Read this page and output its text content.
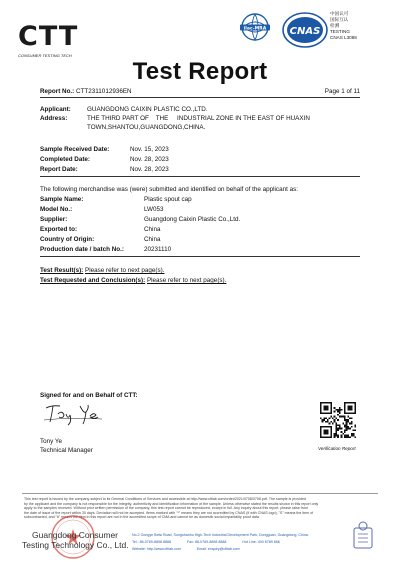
CTT
CONSUMER TESTING TECH
ilac-MRA CNAS
中国认可
国际互认
检测
TESTING
CNAS L3088
Test Report
Report No.: CTT2311012936EN	Page 1 of 11
Applicant:	GUANGDONG CAIXIN PLASTIC CO.,LTD.
Address:	THE THIRD PART OF    THE     INDUSTRIAL ZONE IN THE EAST OF HUAXIN
TOWN,SHANTOU,GUANGDONG,CHINA.
Sample Received Date:	Nov. 15, 2023
Completed Date:	Nov. 28, 2023
Report Date:	Nov. 28, 2023
The following merchandise was (were) submitted and identified on behalf of the applicant as:
Sample Name:	Plastic spout cap
Model No.:	LW053
Supplier:	Guangdong Caixin Plastic Co.,Ltd.
Exported to:	China
Country of Origin:	China
Production date / batch No.:	20231110
Test Result(s): Please refer to next page(s).
Test Requested and Conclusion(s): Please refer to next page(s).
Signed for and on Behalf of CTT:
Tony Ye
Technical Manager	Verification Report
This test report is issued by the company subject to its General Conditions of Services and accessible at http://www.cttlab.com/order/2021/0708/0708.pdf. The sample is provided
by the applicant and the company is not responsible for the integrity, authenticity and identification information of the sample. Unless otherwise stated the results shown in this report only
apply to the samples received. Without prior written permission of the company, this test report cannot be reproduced, except in full. Any inquiry about this report, please raise from
the date of issue of the report within 30 days. Deviation will not be accepted. Items marked with "*" means they are not accredited by CNAS (if with CNAS logo), "S" means the item of
subcontracted, and "#" means the item in this report are not in the accredited scope of CMA and cannot be as domestic social impartiality proof data.
Guangdong Consumer
Testing Technology Co., Ltd.
No.2 Gongye Beisi Road, Songshanhu High-Tech Industrial Development Park, Dongguan, Guangdong, China.
Tel.: 86-0769-8898 8888	Fax: 86-0769-8898 8888	Hot Line: 400 6789 666
Website: http://www.cttlab.com	Email: enquiry@cttlab.com
